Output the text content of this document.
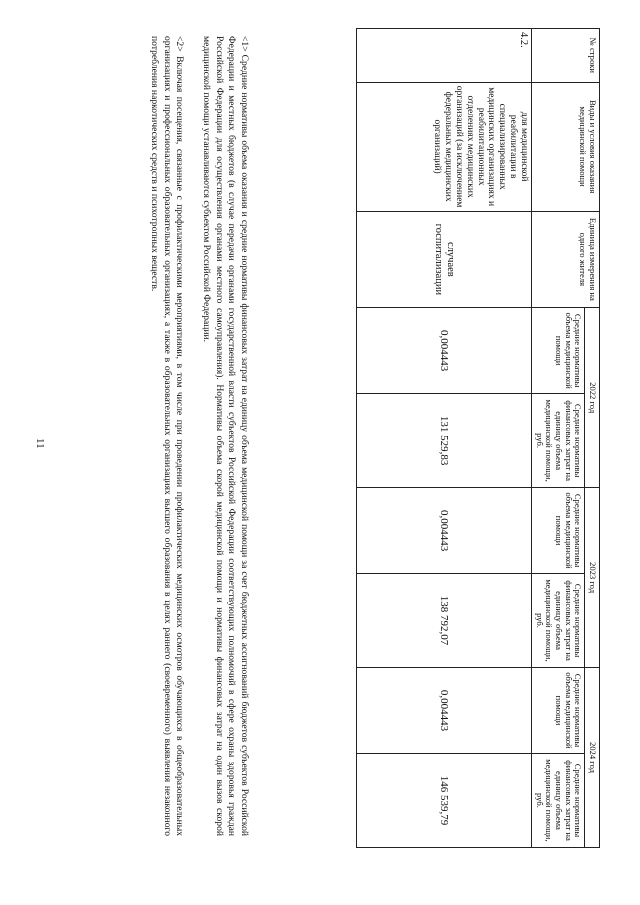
11
№ строки	Виды и условия оказания медицинской помощи	Единица измерения на одного жителя	2022 год		2023 год		2024 год	
			Средние нормативы объема медицинской помощи	Средние нормативы финансовых затрат на единицу объема медицинской помощи, руб.	Средние нормативы объема медицинской помощи	Средние нормативы финансовых затрат на единицу объема медицинской помощи, руб.	Средние нормативы объема медицинской помощи	Средние нормативы финансовых затрат на единицу объема медицинской помощи, руб.
4.2.	для медицинской реабилитации в специализированных медицинских организациях и реабилитационных отделениях медицинских организаций (за исключением федеральных медицинских организаций)	случаев госпитализации	0,004443	131 529,83	0,004443	138 792,07	0,004443	146 539,79

<1> Средние нормативы объема оказания и средние нормативы финансовых затрат на единицу объема медицинской помощи за счет бюджетных ассигнований бюджетов субъектов Российской Федерации и местных бюджетов (в случае передачи органами государственной власти субъектов Российской Федерации соответствующих полномочий в сфере охраны здоровья граждан Российской Федерации для осуществления органами местного самоуправления). Нормативы объема скорой медицинской помощи и нормативы финансовых затрат на один вызов скорой медицинской помощи устанавливаются субъектом Российской Федерации.

<2> Включая посещения, связанные с профилактическими мероприятиями, в том числе при проведении профилактических медицинских осмотров обучающихся в общеобразовательных организациях и профессиональных образовательных организациях, а также в образовательных организациях высшего образования в целях раннего (своевременного) выявления незаконного потребления наркотических средств и психотропных веществ.
